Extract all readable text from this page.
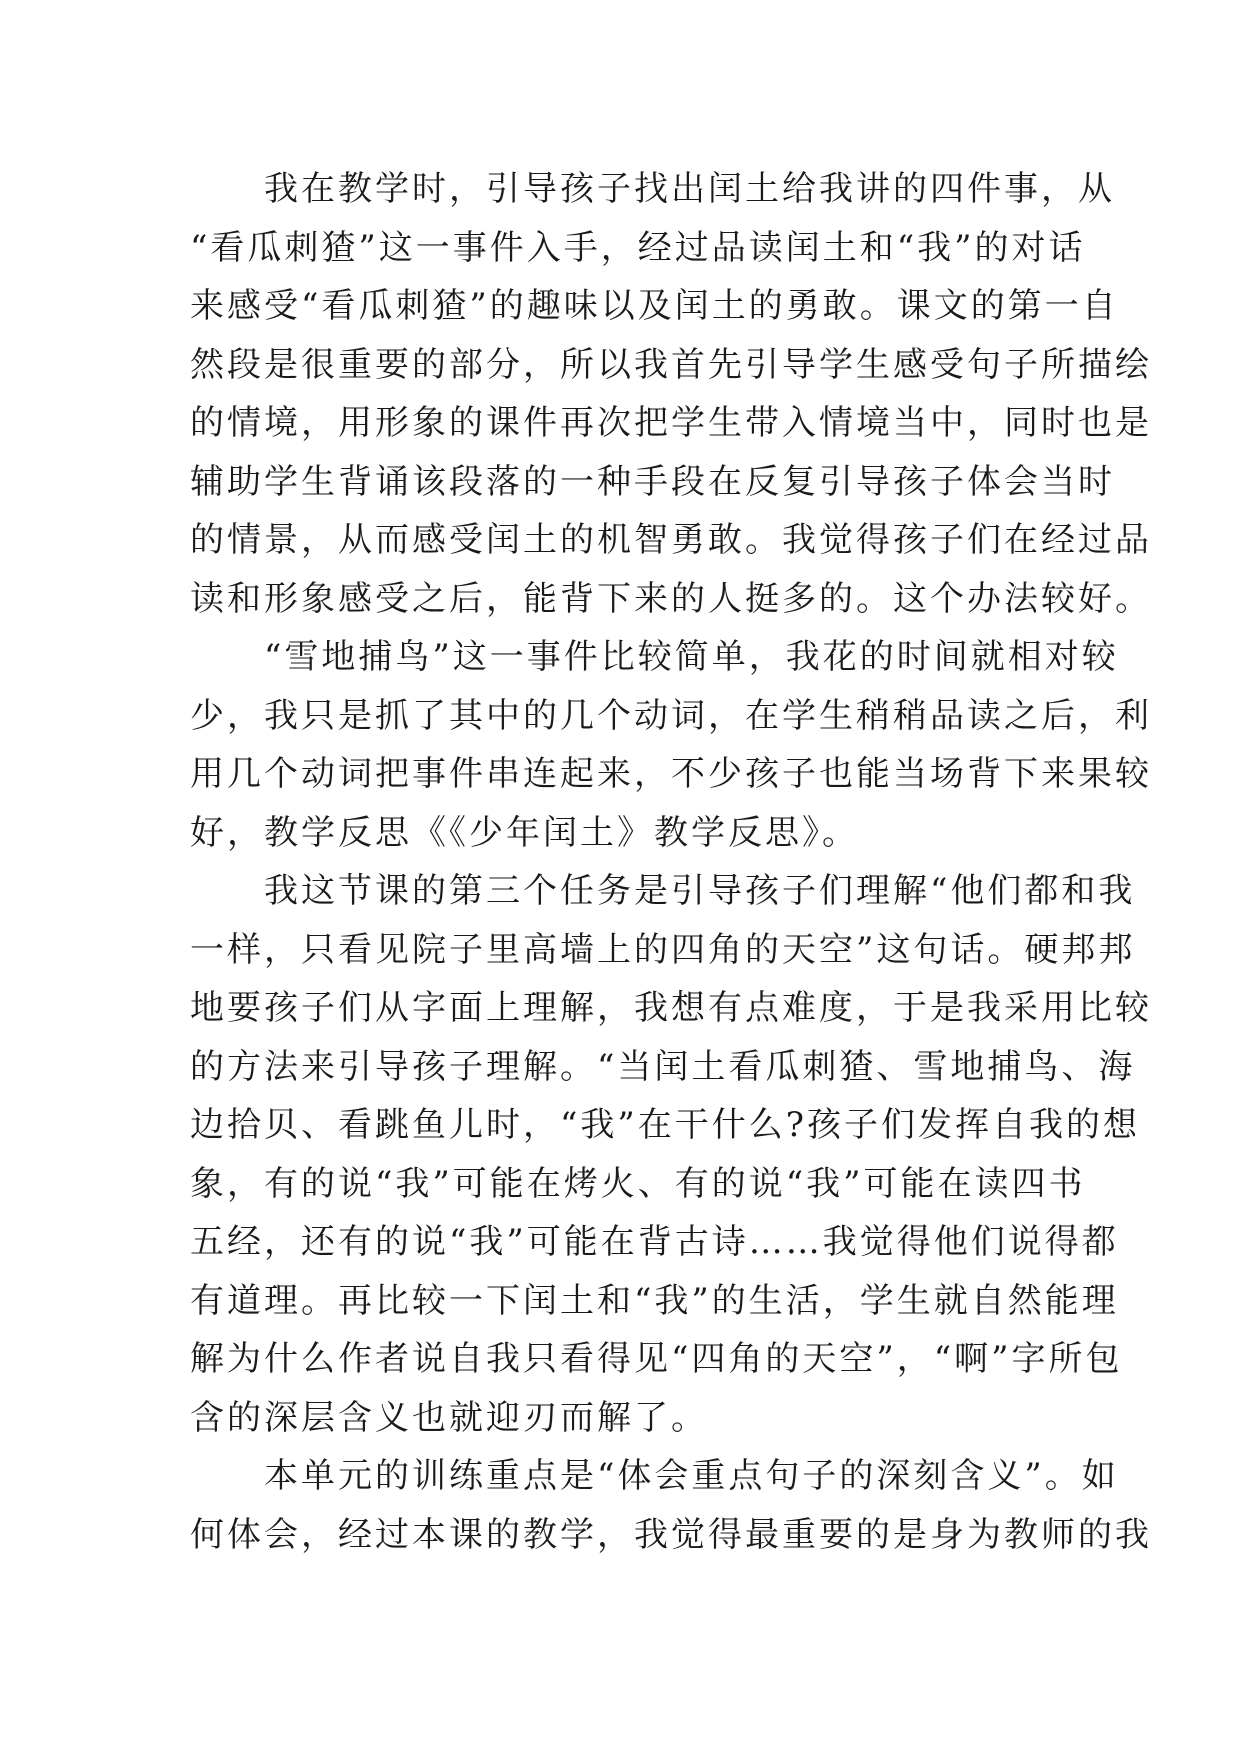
　　我在教学时，引导孩子找出闰土给我讲的四件事，从
“看瓜刺猹”这一事件入手，经过品读闰土和“我”的对话
来感受“看瓜刺猹”的趣味以及闰土的勇敢。课文的第一自
然段是很重要的部分，所以我首先引导学生感受句子所描绘
的情境，用形象的课件再次把学生带入情境当中，同时也是
辅助学生背诵该段落的一种手段在反复引导孩子体会当时
的情景，从而感受闰土的机智勇敢。我觉得孩子们在经过品
读和形象感受之后，能背下来的人挺多的。这个办法较好。
　　“雪地捕鸟”这一事件比较简单，我花的时间就相对较
少，我只是抓了其中的几个动词，在学生稍稍品读之后，利
用几个动词把事件串连起来，不少孩子也能当场背下来果较
好，教学反思《《少年闰土》教学反思》。
　　我这节课的第三个任务是引导孩子们理解“他们都和我
一样，只看见院子里高墙上的四角的天空”这句话。硬邦邦
地要孩子们从字面上理解，我想有点难度，于是我采用比较
的方法来引导孩子理解。“当闰土看瓜刺猹、雪地捕鸟、海
边拾贝、看跳鱼儿时，“我”在干什么?孩子们发挥自我的想
象，有的说“我”可能在烤火、有的说“我”可能在读四书
五经，还有的说“我”可能在背古诗……我觉得他们说得都
有道理。再比较一下闰土和“我”的生活，学生就自然能理
解为什么作者说自我只看得见“四角的天空”，“啊”字所包
含的深层含义也就迎刃而解了。
　　本单元的训练重点是“体会重点句子的深刻含义”。如
何体会，经过本课的教学，我觉得最重要的是身为教师的我
